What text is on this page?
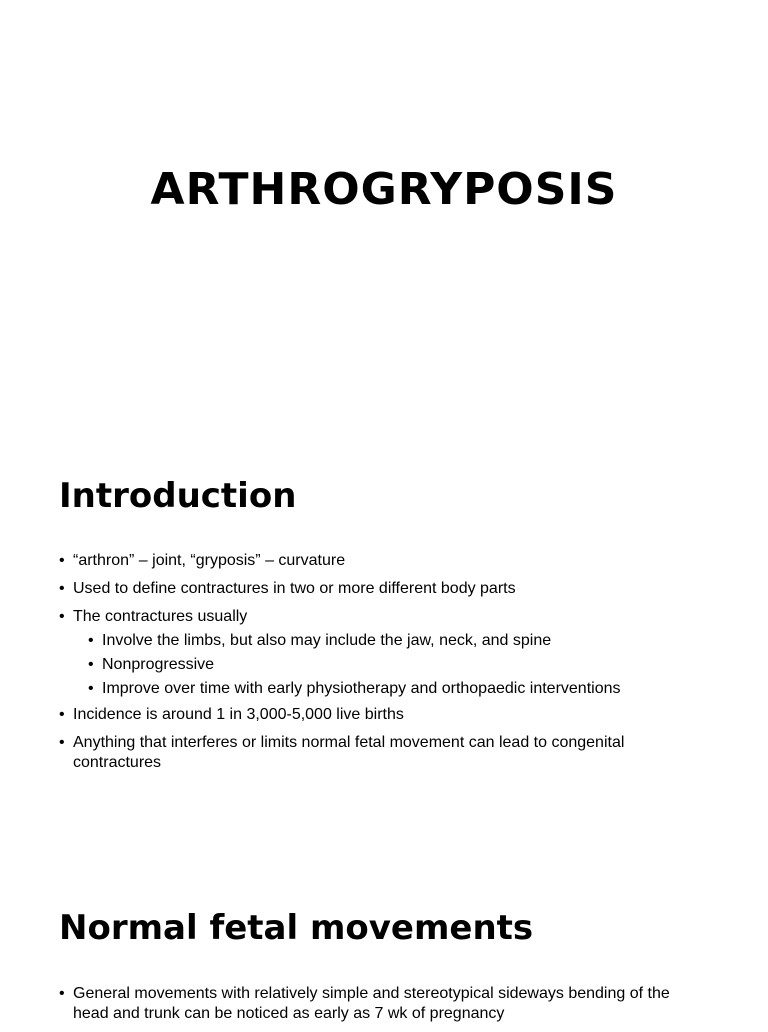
ARTHROGRYPOSIS
Introduction
• “arthron” – joint, “gryposis” – curvature
• Used to define contractures in two or more different body parts
• The contractures usually
• Involve the limbs, but also may include the jaw, neck, and spine
• Nonprogressive
• Improve over time with early physiotherapy and orthopaedic interventions
• Incidence is around 1 in 3,000-5,000 live births
• Anything that interferes or limits normal fetal movement can lead to congenital contractures
Normal fetal movements
• General movements with relatively simple and stereotypical sideways bending of the head and trunk can be noticed as early as 7 wk of pregnancy
